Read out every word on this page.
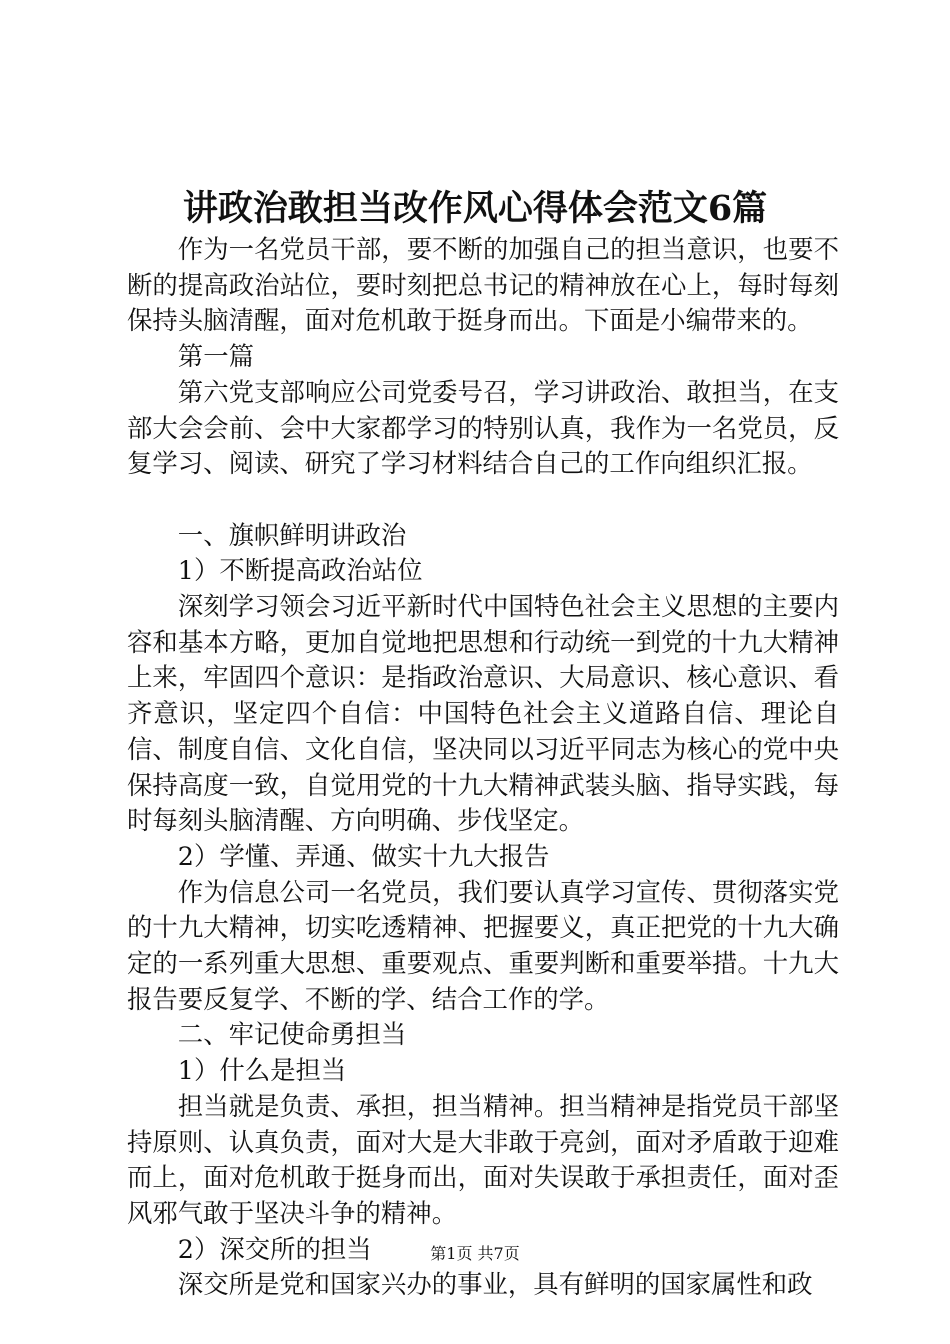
讲政治敢担当改作风心得体会范文6篇

作为一名党员干部，要不断的加强自己的担当意识，也要不断的提高政治站位，要时刻把总书记的精神放在心上，每时每刻保持头脑清醒，面对危机敢于挺身而出。下面是小编带来的。

第一篇

第六党支部响应公司党委号召，学习讲政治、敢担当，在支部大会会前、会中大家都学习的特别认真，我作为一名党员，反复学习、阅读、研究了学习材料结合自己的工作向组织汇报。

一、旗帜鲜明讲政治

1）不断提高政治站位

深刻学习领会习近平新时代中国特色社会主义思想的主要内容和基本方略，更加自觉地把思想和行动统一到党的十九大精神上来，牢固四个意识：是指政治意识、大局意识、核心意识、看齐意识，坚定四个自信：中国特色社会主义道路自信、理论自信、制度自信、文化自信，坚决同以习近平同志为核心的党中央保持高度一致，自觉用党的十九大精神武装头脑、指导实践，每时每刻头脑清醒、方向明确、步伐坚定。

2）学懂、弄通、做实十九大报告

作为信息公司一名党员，我们要认真学习宣传、贯彻落实党的十九大精神，切实吃透精神、把握要义，真正把党的十九大确定的一系列重大思想、重要观点、重要判断和重要举措。十九大报告要反复学、不断的学、结合工作的学。

二、牢记使命勇担当

1）什么是担当

担当就是负责、承担，担当精神。担当精神是指党员干部坚持原则、认真负责，面对大是大非敢于亮剑，面对矛盾敢于迎难而上，面对危机敢于挺身而出，面对失误敢于承担责任，面对歪风邪气敢于坚决斗争的精神。

2）深交所的担当

深交所是党和国家兴办的事业，具有鲜明的国家属性和政

第1页 共7页
